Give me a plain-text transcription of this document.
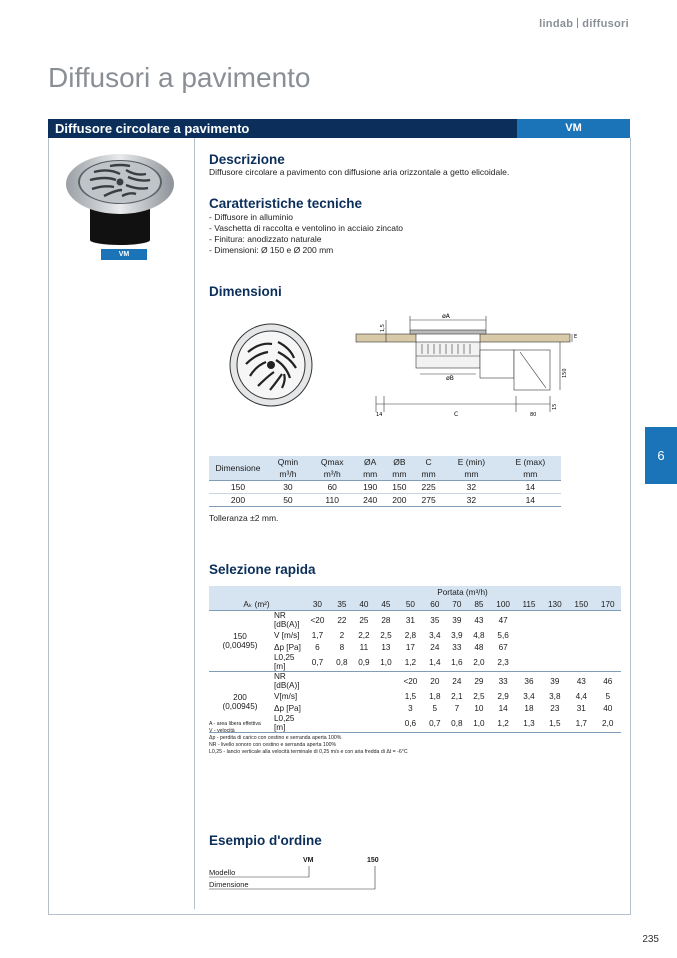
lindab diffusori
Diffusori a pavimento
Diffusore circolare a pavimento	VM
VM
Descrizione
Diffusore circolare a pavimento con diffusione aria orizzontale a getto elicoidale.
Caratteristiche tecniche
- Diffusore in alluminio
- Vaschetta di raccolta e ventolino in acciaio zincato
- Finitura: anodizzato naturale
- Dimensioni: Ø 150 e Ø 200 mm
Dimensioni
øA
øB
1,5
E
150
15
14	C	80
Dimensione	Qmin	Qmax	ØA	ØB	C	E (min)	E (max)
	m³/h	m³/h	mm	mm	mm	mm	mm
150	30	60	190	150	225	32	14
200	50	110	240	200	275	32	14
Tolleranza ±2 mm.
Selezione rapida
		Portata (m³/h)												
Aₖ (m²)		30	35	40	45	50	60	70	85	100	115	130	150	170

150
(0,00495)	NR [dB(A)]	<20	22	25	28	31	35	39	43	47				
	V [m/s]	1,7	2	2,2	2,5	2,8	3,4	3,9	4,8	5,6				
	Δp [Pa]	6	8	11	13	17	24	33	48	67				
	L0,25 [m]	0,7	0,8	0,9	1,0	1,2	1,4	1,6	2,0	2,3				

200
(0,00945)	NR [dB(A)]					<20	20	24	29	33	36	39	43	46
	V[m/s]					1,5	1,8	2,1	2,5	2,9	3,4	3,8	4,4	5
	Δp [Pa]					3	5	7	10	14	18	23	31	40
	L0,25 [m]					0,6	0,7	0,8	1,0	1,2	1,3	1,5	1,7	2,0
A - area libera effettiva
V - velocità
Δp - perdita di carico con cestino e serranda aperta 100%
NR - livello sonoro con cestino e serranda aperta 100%
L0,25 - lancio verticale alla velocità terminale di 0,25 m/s e con aria fredda di Δt = -6°C
Esempio d'ordine
VM	150
Modello
Dimensione
6
235
